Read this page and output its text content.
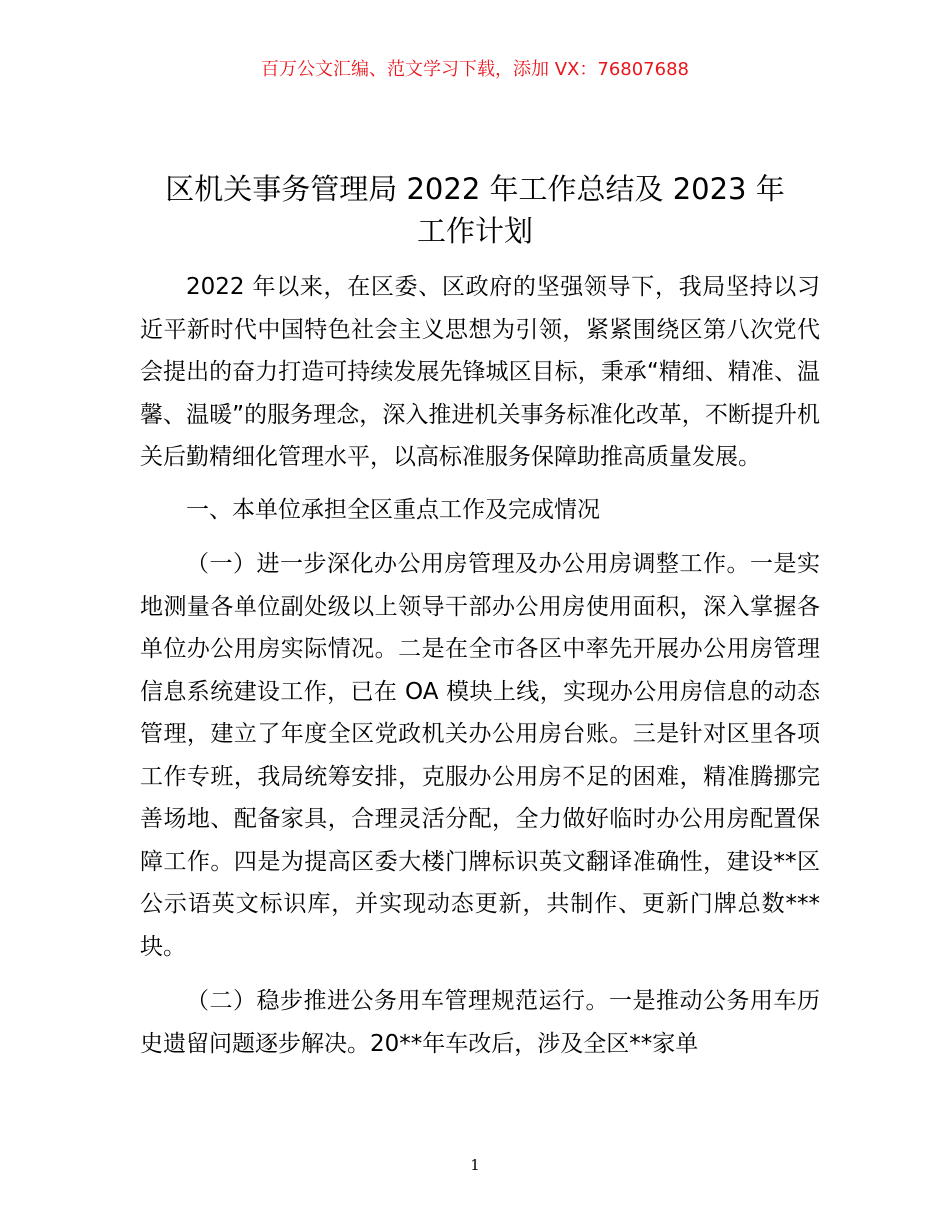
百万公文汇编、范文学习下载，添加 VX：76807688
区机关事务管理局 2022 年工作总结及 2023 年
工作计划

2022 年以来，在区委、区政府的坚强领导下，我局坚持以习近平新时代中国特色社会主义思想为引领，紧紧围绕区第八次党代会提出的奋力打造可持续发展先锋城区目标，秉承“精细、精准、温馨、温暖”的服务理念，深入推进机关事务标准化改革，不断提升机关后勤精细化管理水平，以高标准服务保障助推高质量发展。

一、本单位承担全区重点工作及完成情况

（一）进一步深化办公用房管理及办公用房调整工作。一是实地测量各单位副处级以上领导干部办公用房使用面积，深入掌握各单位办公用房实际情况。二是在全市各区中率先开展办公用房管理信息系统建设工作，已在 OA 模块上线，实现办公用房信息的动态管理，建立了年度全区党政机关办公用房台账。三是针对区里各项工作专班，我局统筹安排，克服办公用房不足的困难，精准腾挪完善场地、配备家具，合理灵活分配，全力做好临时办公用房配置保障工作。四是为提高区委大楼门牌标识英文翻译准确性，建设**区公示语英文标识库，并实现动态更新，共制作、更新门牌总数***块。

（二）稳步推进公务用车管理规范运行。一是推动公务用车历史遗留问题逐步解决。20**年车改后，涉及全区**家单

1
